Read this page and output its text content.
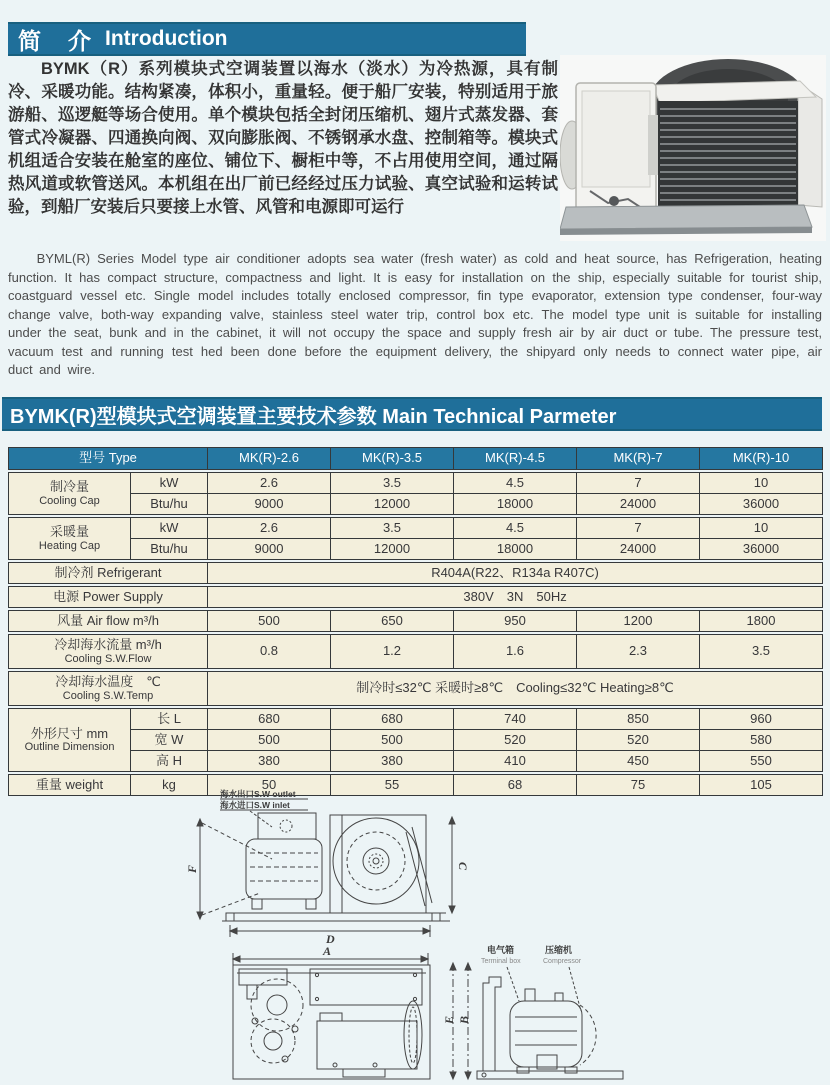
简　介 Introduction

BYMK（R）系列模块式空调装置以海水（淡水）为冷热源，具有制冷、采暖功能。结构紧凑，体积小，重量轻。便于船厂安装，特别适用于旅游船、巡逻艇等场合使用。单个模块包括全封闭压缩机、翅片式蒸发器、套管式冷凝器、四通换向阀、双向膨胀阀、不锈钢承水盘、控制箱等。模块式机组适合安装在舱室的座位、铺位下、橱柜中等，不占用使用空间，通过隔热风道或软管送风。本机组在出厂前已经经过压力试验、真空试验和运转试验，到船厂安装后只要接上水管、风管和电源即可运行

BYML(R) Series Model type air conditioner adopts sea water (fresh water) as cold and heat source, has Refrigeration, heating function. It has compact structure, compactness and light. It is easy for installation on the ship, especially suitable for tourist ship, coastguard vessel etc. Single model includes totally enclosed compressor, fin type evaporator, extension type condenser, four-way change valve, both-way expanding valve, stainless steel water trip, control box etc. The model type unit is suitable for installing under the seat, bunk and in the cabinet, it will not occupy the space and supply fresh air by air duct or tube. The pressure test, vacuum test and running test hed been done before the equipment delivery, the shipyard only needs to connect water pipe, air duct and wire.

BYMK(R)型模块式空调装置主要技术参数 Main Technical Parmeter
型号 Type	MK(R)-2.6	MK(R)-3.5	MK(R)-4.5	MK(R)-7	MK(R)-10
制冷量
Cooling Cap	kW	2.6	3.5	4.5	7	10
	Btu/hu	9000	12000	18000	24000	36000
采暖量
Heating Cap	kW	2.6	3.5	4.5	7	10
	Btu/hu	9000	12000	18000	24000	36000
制冷剂 Refrigerant	R404A(R22、R134a R407C)
电源 Power Supply	380V　3N　50Hz
风量 Air flow m³/h	500	650	950	1200	1800
冷却海水流量 m³/h
Cooling S.W.Flow
	0.8	1.2	1.6	2.3	3.5
冷却海水温度　℃
Cooling S.W.Temp
	制冷时≤32℃ 采暖时≥8℃　Cooling≤32℃ Heating≥8℃
外形尺寸 mm
Outline Dimension	长 L	680	680	740	850	960
	宽 W	500	500	520	520	580
	高 H	380	380	410	450	550
重量 weight	kg	50	55	68	75	105
海水出口S.W outlet
海水进口S.W inlet
F	C
D
A
E B
电气箱
Terminal box
压缩机
Compressor
